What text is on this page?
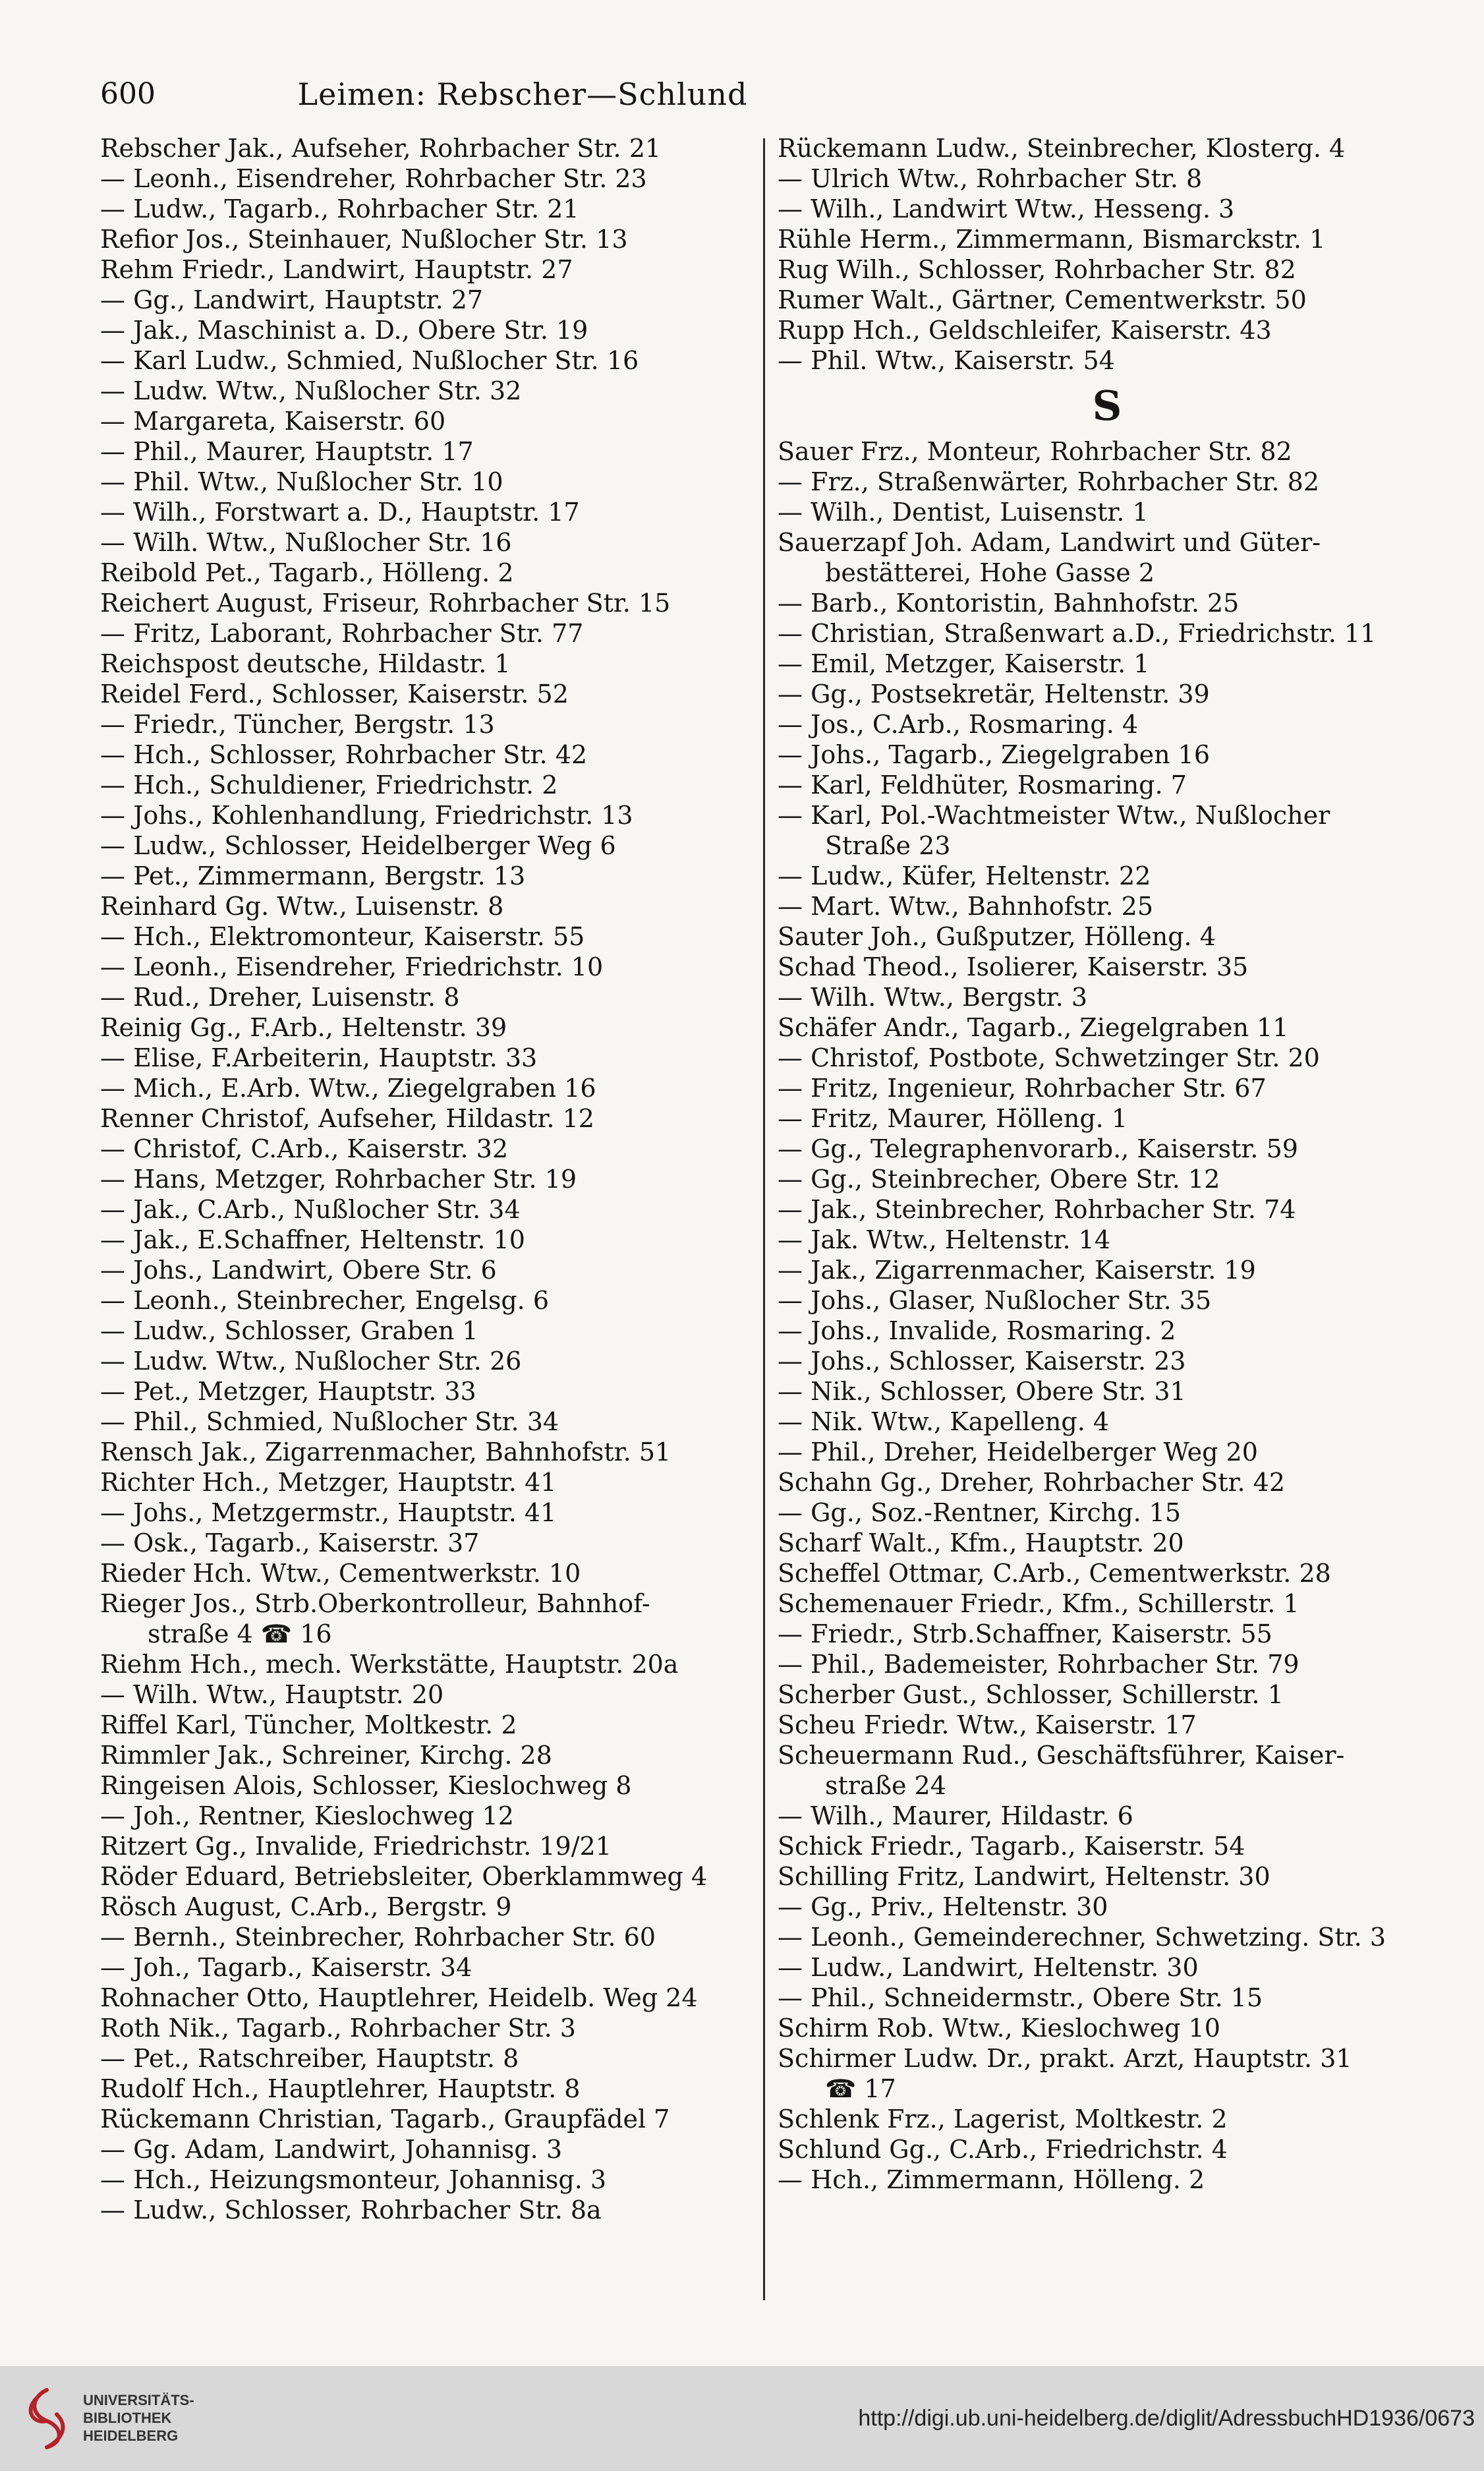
600	Leimen: Rebscher—Schlund
Rebscher Jak., Aufseher, Rohrbacher Str. 21
— Leonh., Eisendreher, Rohrbacher Str. 23
— Ludw., Tagarb., Rohrbacher Str. 21
Refior Jos., Steinhauer, Nußlocher Str. 13
Rehm Friedr., Landwirt, Hauptstr. 27
— Gg., Landwirt, Hauptstr. 27
— Jak., Maschinist a. D., Obere Str. 19
— Karl Ludw., Schmied, Nußlocher Str. 16
— Ludw. Wtw., Nußlocher Str. 32
— Margareta, Kaiserstr. 60
— Phil., Maurer, Hauptstr. 17
— Phil. Wtw., Nußlocher Str. 10
— Wilh., Forstwart a. D., Hauptstr. 17
— Wilh. Wtw., Nußlocher Str. 16
Reibold Pet., Tagarb., Hölleng. 2
Reichert August, Friseur, Rohrbacher Str. 15
— Fritz, Laborant, Rohrbacher Str. 77
Reichspost deutsche, Hildastr. 1
Reidel Ferd., Schlosser, Kaiserstr. 52
— Friedr., Tüncher, Bergstr. 13
— Hch., Schlosser, Rohrbacher Str. 42
— Hch., Schuldiener, Friedrichstr. 2
— Johs., Kohlenhandlung, Friedrichstr. 13
— Ludw., Schlosser, Heidelberger Weg 6
— Pet., Zimmermann, Bergstr. 13
Reinhard Gg. Wtw., Luisenstr. 8
— Hch., Elektromonteur, Kaiserstr. 55
— Leonh., Eisendreher, Friedrichstr. 10
— Rud., Dreher, Luisenstr. 8
Reinig Gg., F.Arb., Heltenstr. 39
— Elise, F.Arbeiterin, Hauptstr. 33
— Mich., E.Arb. Wtw., Ziegelgraben 16
Renner Christof, Aufseher, Hildastr. 12
— Christof, C.Arb., Kaiserstr. 32
— Hans, Metzger, Rohrbacher Str. 19
— Jak., C.Arb., Nußlocher Str. 34
— Jak., E.Schaffner, Heltenstr. 10
— Johs., Landwirt, Obere Str. 6
— Leonh., Steinbrecher, Engelsg. 6
— Ludw., Schlosser, Graben 1
— Ludw. Wtw., Nußlocher Str. 26
— Pet., Metzger, Hauptstr. 33
— Phil., Schmied, Nußlocher Str. 34
Rensch Jak., Zigarrenmacher, Bahnhofstr. 51
Richter Hch., Metzger, Hauptstr. 41
— Johs., Metzgermstr., Hauptstr. 41
— Osk., Tagarb., Kaiserstr. 37
Rieder Hch. Wtw., Cementwerkstr. 10
Rieger Jos., Strb.Oberkontrolleur, Bahnhof-
straße 4 ☎ 16
Riehm Hch., mech. Werkstätte, Hauptstr. 20a
— Wilh. Wtw., Hauptstr. 20
Riffel Karl, Tüncher, Moltkestr. 2
Rimmler Jak., Schreiner, Kirchg. 28
Ringeisen Alois, Schlosser, Kieslochweg 8
— Joh., Rentner, Kieslochweg 12
Ritzert Gg., Invalide, Friedrichstr. 19/21
Röder Eduard, Betriebsleiter, Oberklammweg 4
Rösch August, C.Arb., Bergstr. 9
— Bernh., Steinbrecher, Rohrbacher Str. 60
— Joh., Tagarb., Kaiserstr. 34
Rohnacher Otto, Hauptlehrer, Heidelb. Weg 24
Roth Nik., Tagarb., Rohrbacher Str. 3
— Pet., Ratschreiber, Hauptstr. 8
Rudolf Hch., Hauptlehrer, Hauptstr. 8
Rückemann Christian, Tagarb., Graupfädel 7
— Gg. Adam, Landwirt, Johannisg. 3
— Hch., Heizungsmonteur, Johannisg. 3
— Ludw., Schlosser, Rohrbacher Str. 8a
Rückemann Ludw., Steinbrecher, Klosterg. 4
— Ulrich Wtw., Rohrbacher Str. 8
— Wilh., Landwirt Wtw., Hesseng. 3
Rühle Herm., Zimmermann, Bismarckstr. 1
Rug Wilh., Schlosser, Rohrbacher Str. 82
Rumer Walt., Gärtner, Cementwerkstr. 50
Rupp Hch., Geldschleifer, Kaiserstr. 43
— Phil. Wtw., Kaiserstr. 54
S
Sauer Frz., Monteur, Rohrbacher Str. 82
— Frz., Straßenwärter, Rohrbacher Str. 82
— Wilh., Dentist, Luisenstr. 1
Sauerzapf Joh. Adam, Landwirt und Güter-
bestätterei, Hohe Gasse 2
— Barb., Kontoristin, Bahnhofstr. 25
— Christian, Straßenwart a.D., Friedrichstr. 11
— Emil, Metzger, Kaiserstr. 1
— Gg., Postsekretär, Heltenstr. 39
— Jos., C.Arb., Rosmaring. 4
— Johs., Tagarb., Ziegelgraben 16
— Karl, Feldhüter, Rosmaring. 7
— Karl, Pol.-Wachtmeister Wtw., Nußlocher
Straße 23
— Ludw., Küfer, Heltenstr. 22
— Mart. Wtw., Bahnhofstr. 25
Sauter Joh., Gußputzer, Hölleng. 4
Schad Theod., Isolierer, Kaiserstr. 35
— Wilh. Wtw., Bergstr. 3
Schäfer Andr., Tagarb., Ziegelgraben 11
— Christof, Postbote, Schwetzinger Str. 20
— Fritz, Ingenieur, Rohrbacher Str. 67
— Fritz, Maurer, Hölleng. 1
— Gg., Telegraphenvorarb., Kaiserstr. 59
— Gg., Steinbrecher, Obere Str. 12
— Jak., Steinbrecher, Rohrbacher Str. 74
— Jak. Wtw., Heltenstr. 14
— Jak., Zigarrenmacher, Kaiserstr. 19
— Johs., Glaser, Nußlocher Str. 35
— Johs., Invalide, Rosmaring. 2
— Johs., Schlosser, Kaiserstr. 23
— Nik., Schlosser, Obere Str. 31
— Nik. Wtw., Kapelleng. 4
— Phil., Dreher, Heidelberger Weg 20
Schahn Gg., Dreher, Rohrbacher Str. 42
— Gg., Soz.-Rentner, Kirchg. 15
Scharf Walt., Kfm., Hauptstr. 20
Scheffel Ottmar, C.Arb., Cementwerkstr. 28
Schemenauer Friedr., Kfm., Schillerstr. 1
— Friedr., Strb.Schaffner, Kaiserstr. 55
— Phil., Bademeister, Rohrbacher Str. 79
Scherber Gust., Schlosser, Schillerstr. 1
Scheu Friedr. Wtw., Kaiserstr. 17
Scheuermann Rud., Geschäftsführer, Kaiser-
straße 24
— Wilh., Maurer, Hildastr. 6
Schick Friedr., Tagarb., Kaiserstr. 54
Schilling Fritz, Landwirt, Heltenstr. 30
— Gg., Priv., Heltenstr. 30
— Leonh., Gemeinderechner, Schwetzing. Str. 3
— Ludw., Landwirt, Heltenstr. 30
— Phil., Schneidermstr., Obere Str. 15
Schirm Rob. Wtw., Kieslochweg 10
Schirmer Ludw. Dr., prakt. Arzt, Hauptstr. 31
☎ 17
Schlenk Frz., Lagerist, Moltkestr. 2
Schlund Gg., C.Arb., Friedrichstr. 4
— Hch., Zimmermann, Hölleng. 2
UNIVERSITÄTS-
BIBLIOTHEK
HEIDELBERG
http://digi.ub.uni-heidelberg.de/diglit/AdressbuchHD1936/0673
